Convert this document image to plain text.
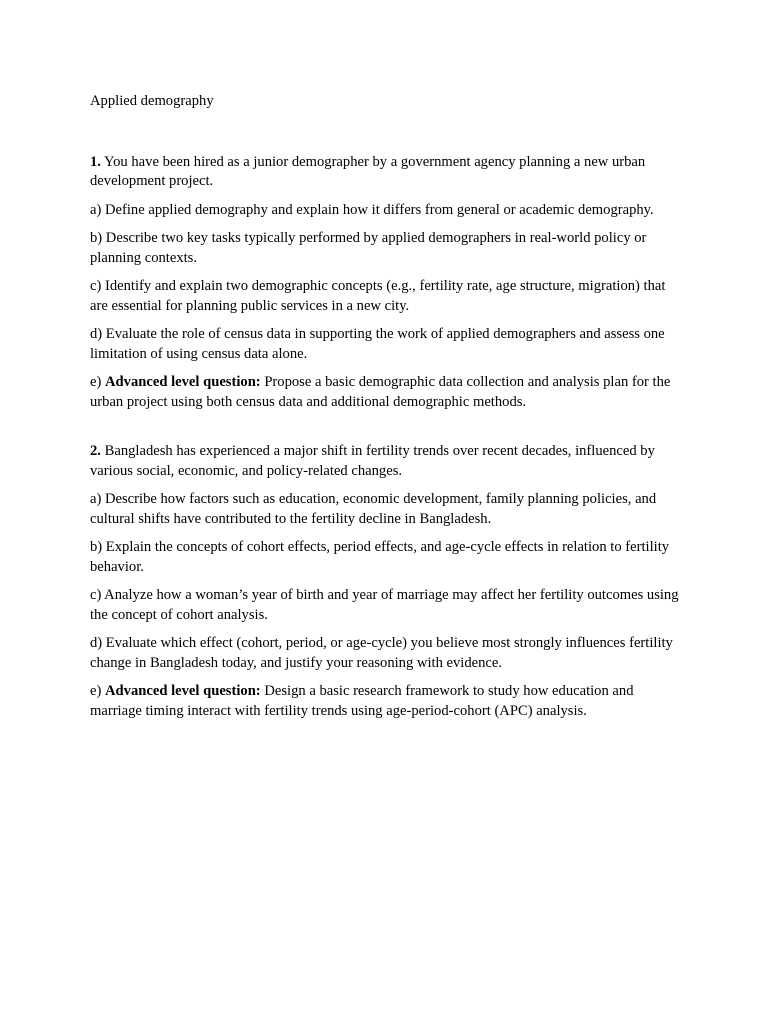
Applied demography

1. You have been hired as a junior demographer by a government agency planning a new urban development project.

a) Define applied demography and explain how it differs from general or academic demography.

b) Describe two key tasks typically performed by applied demographers in real-world policy or planning contexts.

c) Identify and explain two demographic concepts (e.g., fertility rate, age structure, migration) that are essential for planning public services in a new city.

d) Evaluate the role of census data in supporting the work of applied demographers and assess one limitation of using census data alone.

e) Advanced level question: Propose a basic demographic data collection and analysis plan for the urban project using both census data and additional demographic methods.

2. Bangladesh has experienced a major shift in fertility trends over recent decades, influenced by various social, economic, and policy-related changes.

a) Describe how factors such as education, economic development, family planning policies, and cultural shifts have contributed to the fertility decline in Bangladesh.

b) Explain the concepts of cohort effects, period effects, and age-cycle effects in relation to fertility behavior.

c) Analyze how a woman’s year of birth and year of marriage may affect her fertility outcomes using the concept of cohort analysis.

d) Evaluate which effect (cohort, period, or age-cycle) you believe most strongly influences fertility change in Bangladesh today, and justify your reasoning with evidence.

e) Advanced level question: Design a basic research framework to study how education and marriage timing interact with fertility trends using age-period-cohort (APC) analysis.
